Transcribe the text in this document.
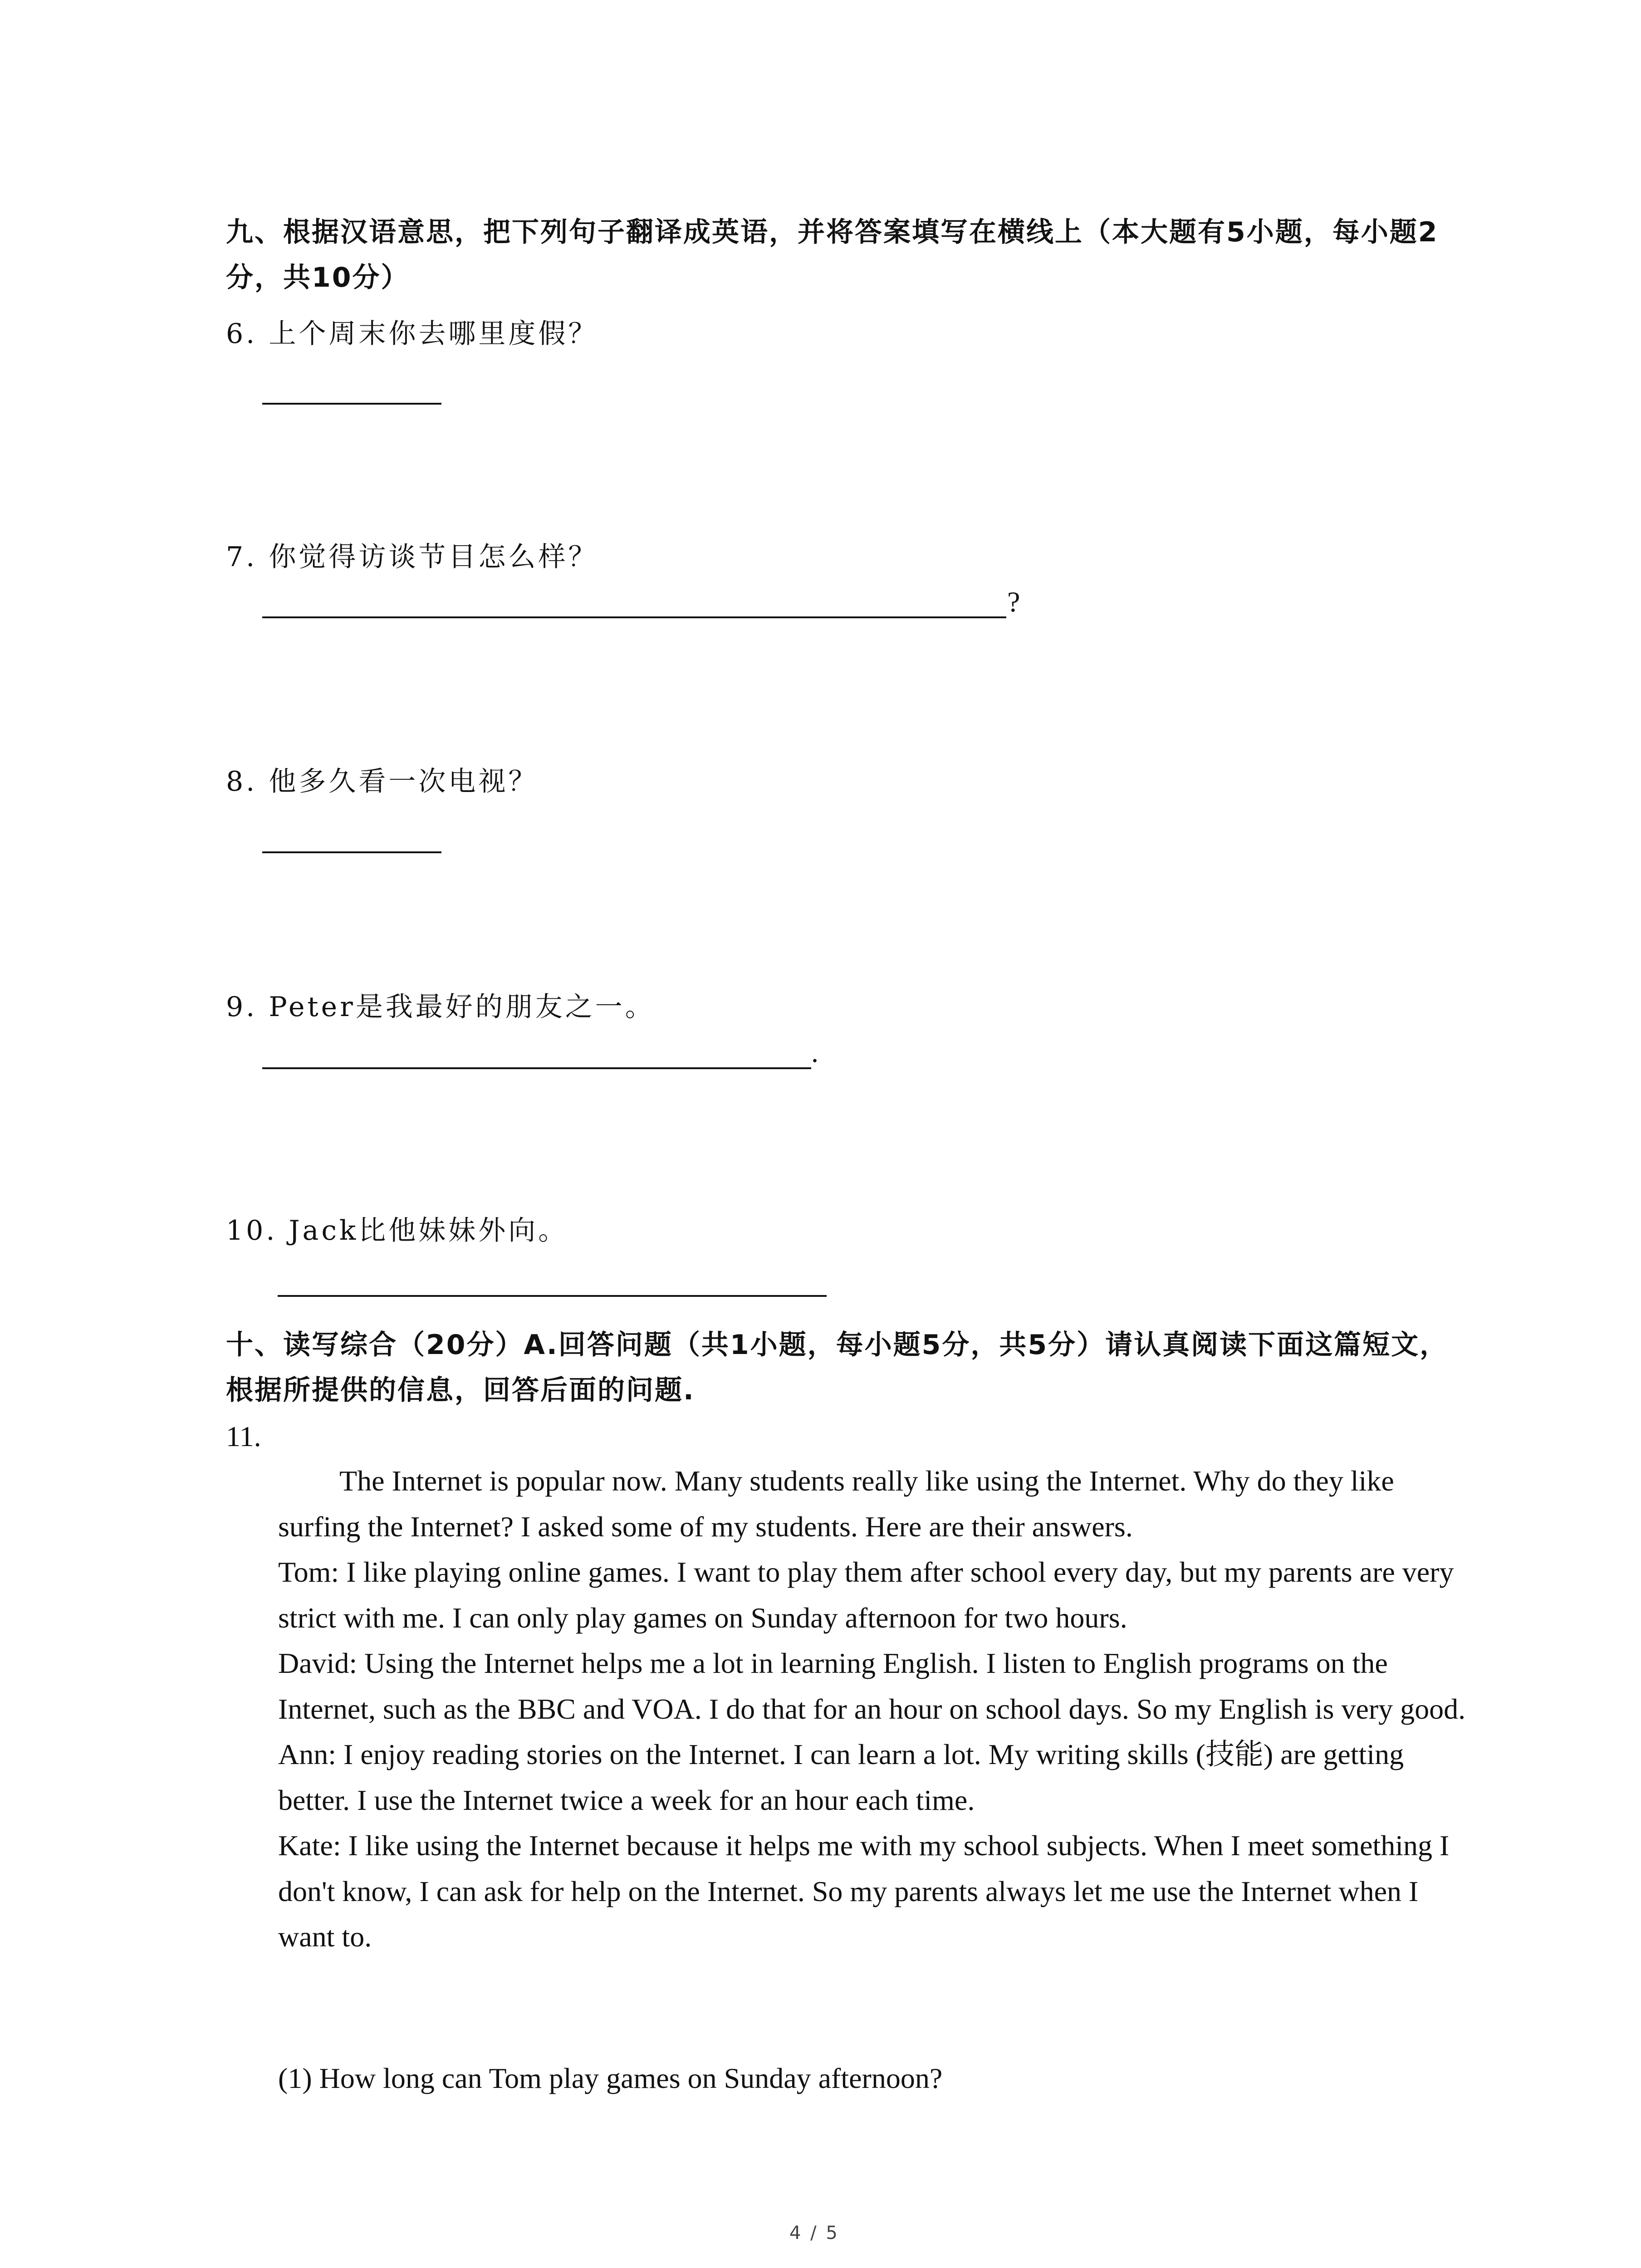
九、根据汉语意思，把下列句子翻译成英语，并将答案填写在横线上（本大题有5小题，每小题2分，共10分）
6. 上个周末你去哪里度假？
7. 你觉得访谈节目怎么样？
?
8. 他多久看一次电视？
9. Peter是我最好的朋友之一。
.
10. Jack比他妹妹外向。
十、读写综合（20分）A.回答问题（共1小题，每小题5分，共5分）请认真阅读下面这篇短文，根据所提供的信息，回答后面的问题.
11.

The Internet is popular now. Many students really like using the Internet. Why do they like surfing the Internet? I asked some of my students. Here are their answers.

Tom: I like playing online games. I want to play them after school every day, but my parents are very strict with me. I can only play games on Sunday afternoon for two hours.

David: Using the Internet helps me a lot in learning English. I listen to English programs on the Internet, such as the BBC and VOA. I do that for an hour on school days. So my English is very good.

Ann: I enjoy reading stories on the Internet. I can learn a lot. My writing skills (技能) are getting better. I use the Internet twice a week for an hour each time.

Kate: I like using the Internet because it helps me with my school subjects. When I meet something I don't know, I can ask for help on the Internet. So my parents always let me use the Internet when I want to.

(1) How long can Tom play games on Sunday afternoon?
4 / 5
